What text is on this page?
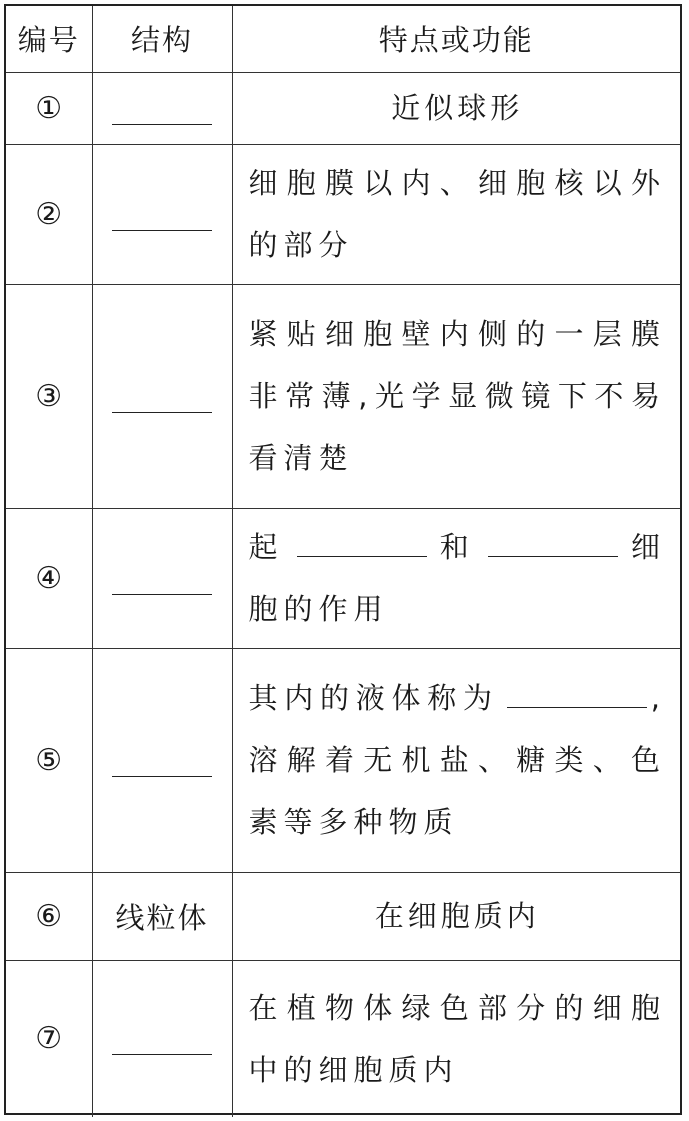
编号	结构	特点或功能
①		近似球形
②		细胞膜以内、细胞核以外的部分
③		紧贴细胞壁内侧的一层膜非常薄,光学显微镜下不易看清楚
④		起 和 细胞的作用
⑤		其内的液体称为 ,溶解着无机盐、糖类、色素等多种物质
⑥	线粒体	在细胞质内
⑦		在植物体绿色部分的细胞中的细胞质内
